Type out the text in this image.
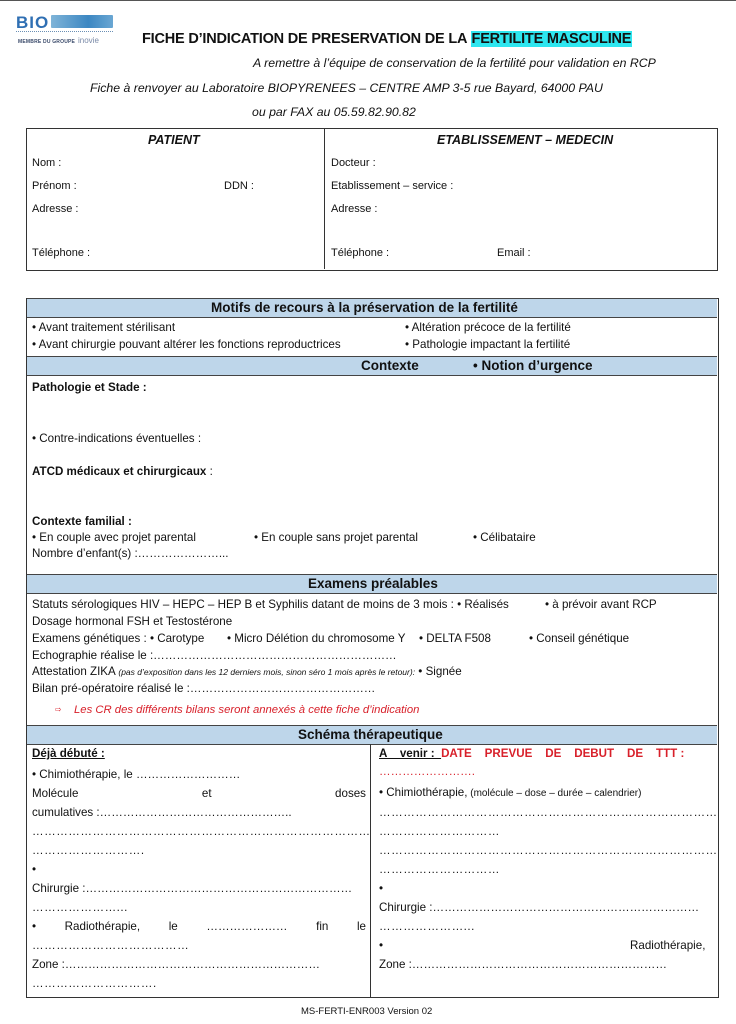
BIO
MEMBRE DU GROUPE inovie	FICHE D’INDICATION DE PRESERVATION DE LA FERTILITE MASCULINE
A remettre à l’équipe de conservation de la fertilité pour validation en RCP
Fiche à renvoyer au Laboratoire BIOPYRENEES – CENTRE AMP 3-5 rue Bayard, 64000 PAU
ou par FAX au 05.59.82.90.82
PATIENT
Nom :
Prénom :	DDN :
Adresse :
Téléphone :
ETABLISSEMENT – MEDECIN
Docteur :
Etablissement – service :
Adresse :
Téléphone :	Email :
Motifs de recours à la préservation de la fertilité
• Avant traitement stérilisant	• Altération précoce de la fertilité
• Avant chirurgie pouvant altérer les fonctions reproductrices	• Pathologie impactant la fertilité
Contexte	• Notion d’urgence
Pathologie et Stade :
• Contre-indications éventuelles :
ATCD médicaux et chirurgicaux :
Contexte familial :
• En couple avec projet parental	• En couple sans projet parental	• Célibataire
Nombre d’enfant(s) :…………………...
Examens préalables
Statuts sérologiques HIV – HEPC – HEP B et Syphilis datant de moins de 3 mois : • Réalisés	• à prévoir avant RCP
Dosage hormonal FSH et Testostérone
Examens génétiques : • Carotype • Micro Délétion du chromosome Y • DELTA F508	• Conseil génétique
Echographie réalise le :………………………………………………………
Attestation ZIKA (pas d’exposition dans les 12 derniers mois, sinon séro 1 mois après le retour): • Signée
Bilan pré-opératoire réalisé le :…………………………………………
⇨ Les CR des différents bilans seront annexés à cette fiche d’indication
Schéma thérapeutique
Déjà débuté :
• Chimiothérapie, le ………………………
Molécule	et	doses
cumulatives :…………………………………………..
…………………………………………………………………………
……………………….
•
Chirurgie :……………………………………………………………
…………………...
• Radiothérapie, le ………………… fin le
…………………………………
Zone :…………………………………………………………
………………………….
A    venir :  DATE    PREVUE    DE    DEBUT    DE    TTT :
…………………….
• Chimiothérapie, (molécule – dose – durée – calendrier)
…………………………………………………………………………
…………………………
…………………………………………………………………………
…………………………
•
Chirurgie :……………………………………………………………
…………………...
•	Radiothérapie,
Zone :…………………………………………………………
MS-FERTI-ENR003 Version 02
